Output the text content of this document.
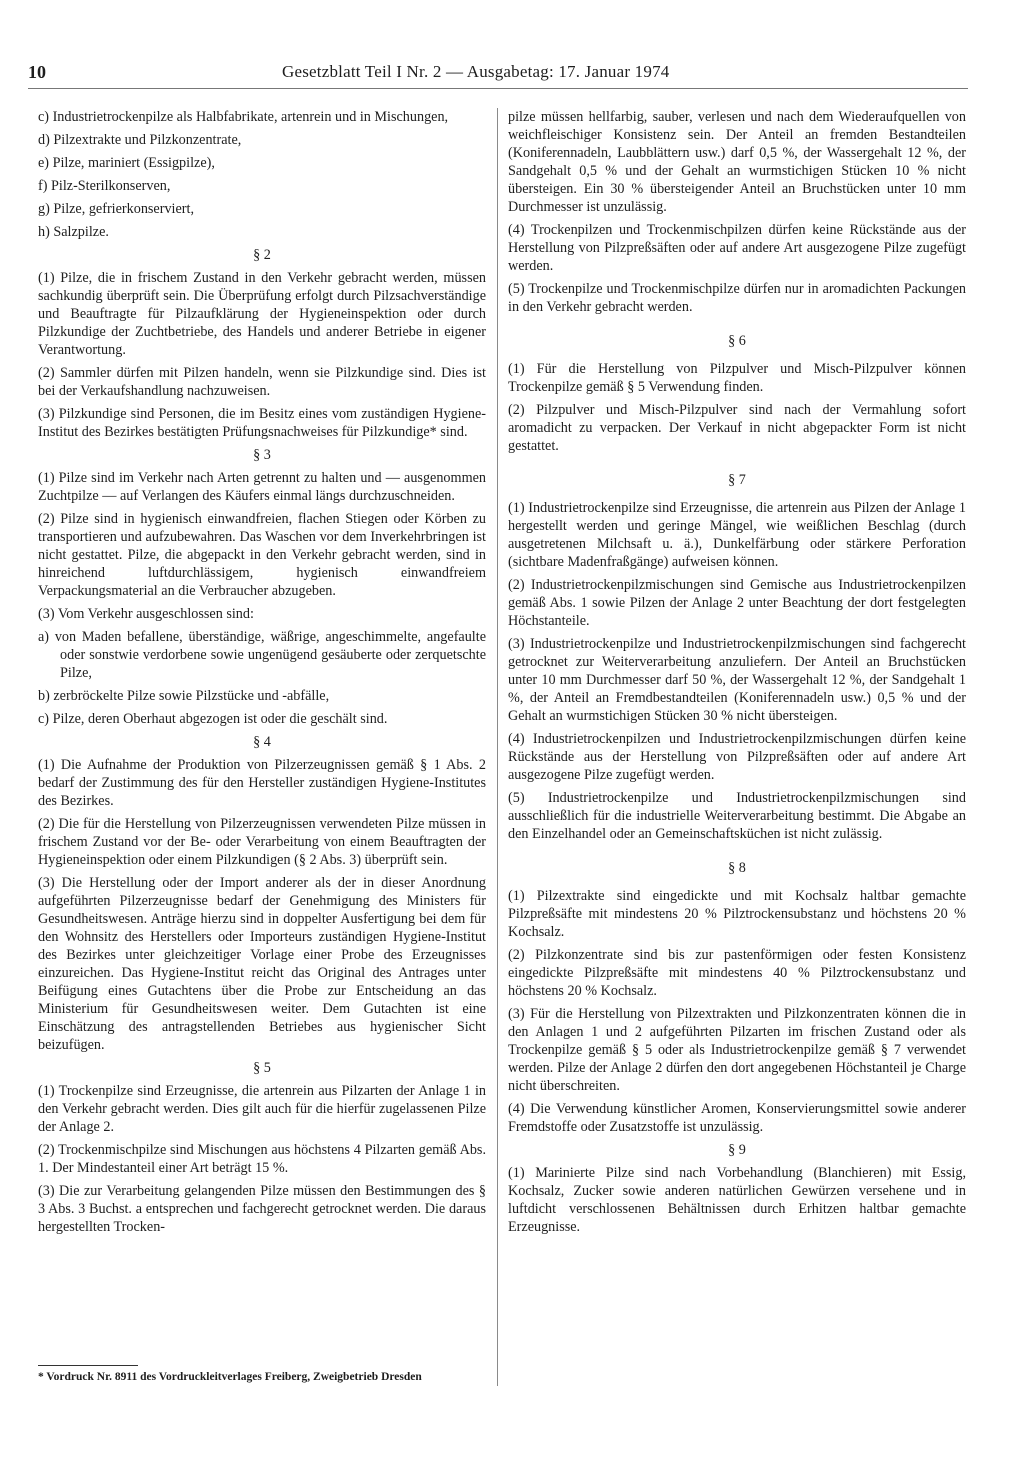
10	Gesetzblatt Teil I Nr. 2 — Ausgabetag: 17. Januar 1974

c) Industrietrockenpilze als Halbfabrikate, artenrein und in Mischungen,

d) Pilzextrakte und Pilzkonzentrate,

e) Pilze, mariniert (Essigpilze),

f) Pilz-Sterilkonserven,

g) Pilze, gefrierkonserviert,

h) Salzpilze.

§ 2

(1) Pilze, die in frischem Zustand in den Verkehr gebracht werden, müssen sachkundig überprüft sein. Die Überprüfung erfolgt durch Pilzsachverständige und Beauftragte für Pilzaufklärung der Hygieneinspektion oder durch Pilzkundige der Zuchtbetriebe, des Handels und anderer Betriebe in eigener Verantwortung.

(2) Sammler dürfen mit Pilzen handeln, wenn sie Pilzkundige sind. Dies ist bei der Verkaufshandlung nachzuweisen.

(3) Pilzkundige sind Personen, die im Besitz eines vom zuständigen Hygiene-Institut des Bezirkes bestätigten Prüfungsnachweises für Pilzkundige* sind.

§ 3

(1) Pilze sind im Verkehr nach Arten getrennt zu halten und — ausgenommen Zuchtpilze — auf Verlangen des Käufers einmal längs durchzuschneiden.

(2) Pilze sind in hygienisch einwandfreien, flachen Stiegen oder Körben zu transportieren und aufzubewahren. Das Waschen vor dem Inverkehrbringen ist nicht gestattet. Pilze, die abgepackt in den Verkehr gebracht werden, sind in hinreichend luftdurchlässigem, hygienisch einwandfreiem Verpackungsmaterial an die Verbraucher abzugeben.

(3) Vom Verkehr ausgeschlossen sind:

a) von Maden befallene, überständige, wäßrige, angeschimmelte, angefaulte oder sonstwie verdorbene sowie ungenügend gesäuberte oder zerquetschte Pilze,

b) zerbröckelte Pilze sowie Pilzstücke und -abfälle,

c) Pilze, deren Oberhaut abgezogen ist oder die geschält sind.

§ 4

(1) Die Aufnahme der Produktion von Pilzerzeugnissen gemäß § 1 Abs. 2 bedarf der Zustimmung des für den Hersteller zuständigen Hygiene-Institutes des Bezirkes.

(2) Die für die Herstellung von Pilzerzeugnissen verwendeten Pilze müssen in frischem Zustand vor der Be- oder Verarbeitung von einem Beauftragten der Hygieneinspektion oder einem Pilzkundigen (§ 2 Abs. 3) überprüft sein.

(3) Die Herstellung oder der Import anderer als der in dieser Anordnung aufgeführten Pilzerzeugnisse bedarf der Genehmigung des Ministers für Gesundheitswesen. Anträge hierzu sind in doppelter Ausfertigung bei dem für den Wohnsitz des Herstellers oder Importeurs zuständigen Hygiene-Institut des Bezirkes unter gleichzeitiger Vorlage einer Probe des Erzeugnisses einzureichen. Das Hygiene-Institut reicht das Original des Antrages unter Beifügung eines Gutachtens über die Probe zur Entscheidung an das Ministerium für Gesundheitswesen weiter. Dem Gutachten ist eine Einschätzung des antragstellenden Betriebes aus hygienischer Sicht beizufügen.

§ 5

(1) Trockenpilze sind Erzeugnisse, die artenrein aus Pilzarten der Anlage 1 in den Verkehr gebracht werden. Dies gilt auch für die hierfür zugelassenen Pilze der Anlage 2.

(2) Trockenmischpilze sind Mischungen aus höchstens 4 Pilzarten gemäß Abs. 1. Der Mindestanteil einer Art beträgt 15 %.

(3) Die zur Verarbeitung gelangenden Pilze müssen den Bestimmungen des § 3 Abs. 3 Buchst. a entsprechen und fachgerecht getrocknet werden. Die daraus hergestellten Trocken-

pilze müssen hellfarbig, sauber, verlesen und nach dem Wiederaufquellen von weichfleischiger Konsistenz sein. Der Anteil an fremden Bestandteilen (Koniferennadeln, Laubblättern usw.) darf 0,5 %, der Wassergehalt 12 %, der Sandgehalt 0,5 % und der Gehalt an wurmstichigen Stücken 10 % nicht übersteigen. Ein 30 % übersteigender Anteil an Bruchstücken unter 10 mm Durchmesser ist unzulässig.

(4) Trockenpilzen und Trockenmischpilzen dürfen keine Rückstände aus der Herstellung von Pilzpreßsäften oder auf andere Art ausgezogene Pilze zugefügt werden.

(5) Trockenpilze und Trockenmischpilze dürfen nur in aromadichten Packungen in den Verkehr gebracht werden.

§ 6

(1) Für die Herstellung von Pilzpulver und Misch-Pilzpulver können Trockenpilze gemäß § 5 Verwendung finden.

(2) Pilzpulver und Misch-Pilzpulver sind nach der Vermahlung sofort aromadicht zu verpacken. Der Verkauf in nicht abgepackter Form ist nicht gestattet.

§ 7

(1) Industrietrockenpilze sind Erzeugnisse, die artenrein aus Pilzen der Anlage 1 hergestellt werden und geringe Mängel, wie weißlichen Beschlag (durch ausgetretenen Milchsaft u. ä.), Dunkelfärbung oder stärkere Perforation (sichtbare Madenfraßgänge) aufweisen können.

(2) Industrietrockenpilzmischungen sind Gemische aus Industrietrockenpilzen gemäß Abs. 1 sowie Pilzen der Anlage 2 unter Beachtung der dort festgelegten Höchstanteile.

(3) Industrietrockenpilze und Industrietrockenpilzmischungen sind fachgerecht getrocknet zur Weiterverarbeitung anzuliefern. Der Anteil an Bruchstücken unter 10 mm Durchmesser darf 50 %, der Wassergehalt 12 %, der Sandgehalt 1 %, der Anteil an Fremdbestandteilen (Koniferennadeln usw.) 0,5 % und der Gehalt an wurmstichigen Stücken 30 % nicht übersteigen.

(4) Industrietrockenpilzen und Industrietrockenpilzmischungen dürfen keine Rückstände aus der Herstellung von Pilzpreßsäften oder auf andere Art ausgezogene Pilze zugefügt werden.

(5) Industrietrockenpilze und Industrietrockenpilzmischungen sind ausschließlich für die industrielle Weiterverarbeitung bestimmt. Die Abgabe an den Einzelhandel oder an Gemeinschaftsküchen ist nicht zulässig.

§ 8

(1) Pilzextrakte sind eingedickte und mit Kochsalz haltbar gemachte Pilzpreßsäfte mit mindestens 20 % Pilztrockensubstanz und höchstens 20 % Kochsalz.

(2) Pilzkonzentrate sind bis zur pastenförmigen oder festen Konsistenz eingedickte Pilzpreßsäfte mit mindestens 40 % Pilztrockensubstanz und höchstens 20 % Kochsalz.

(3) Für die Herstellung von Pilzextrakten und Pilzkonzentraten können die in den Anlagen 1 und 2 aufgeführten Pilzarten im frischen Zustand oder als Trockenpilze gemäß § 5 oder als Industrietrockenpilze gemäß § 7 verwendet werden. Pilze der Anlage 2 dürfen den dort angegebenen Höchstanteil je Charge nicht überschreiten.

(4) Die Verwendung künstlicher Aromen, Konservierungsmittel sowie anderer Fremdstoffe oder Zusatzstoffe ist unzulässig.

§ 9

(1) Marinierte Pilze sind nach Vorbehandlung (Blanchieren) mit Essig, Kochsalz, Zucker sowie anderen natürlichen Gewürzen versehene und in luftdicht verschlossenen Behältnissen durch Erhitzen haltbar gemachte Erzeugnisse.

* Vordruck Nr. 8911 des Vordruckleitverlages Freiberg, Zweigbetrieb Dresden
